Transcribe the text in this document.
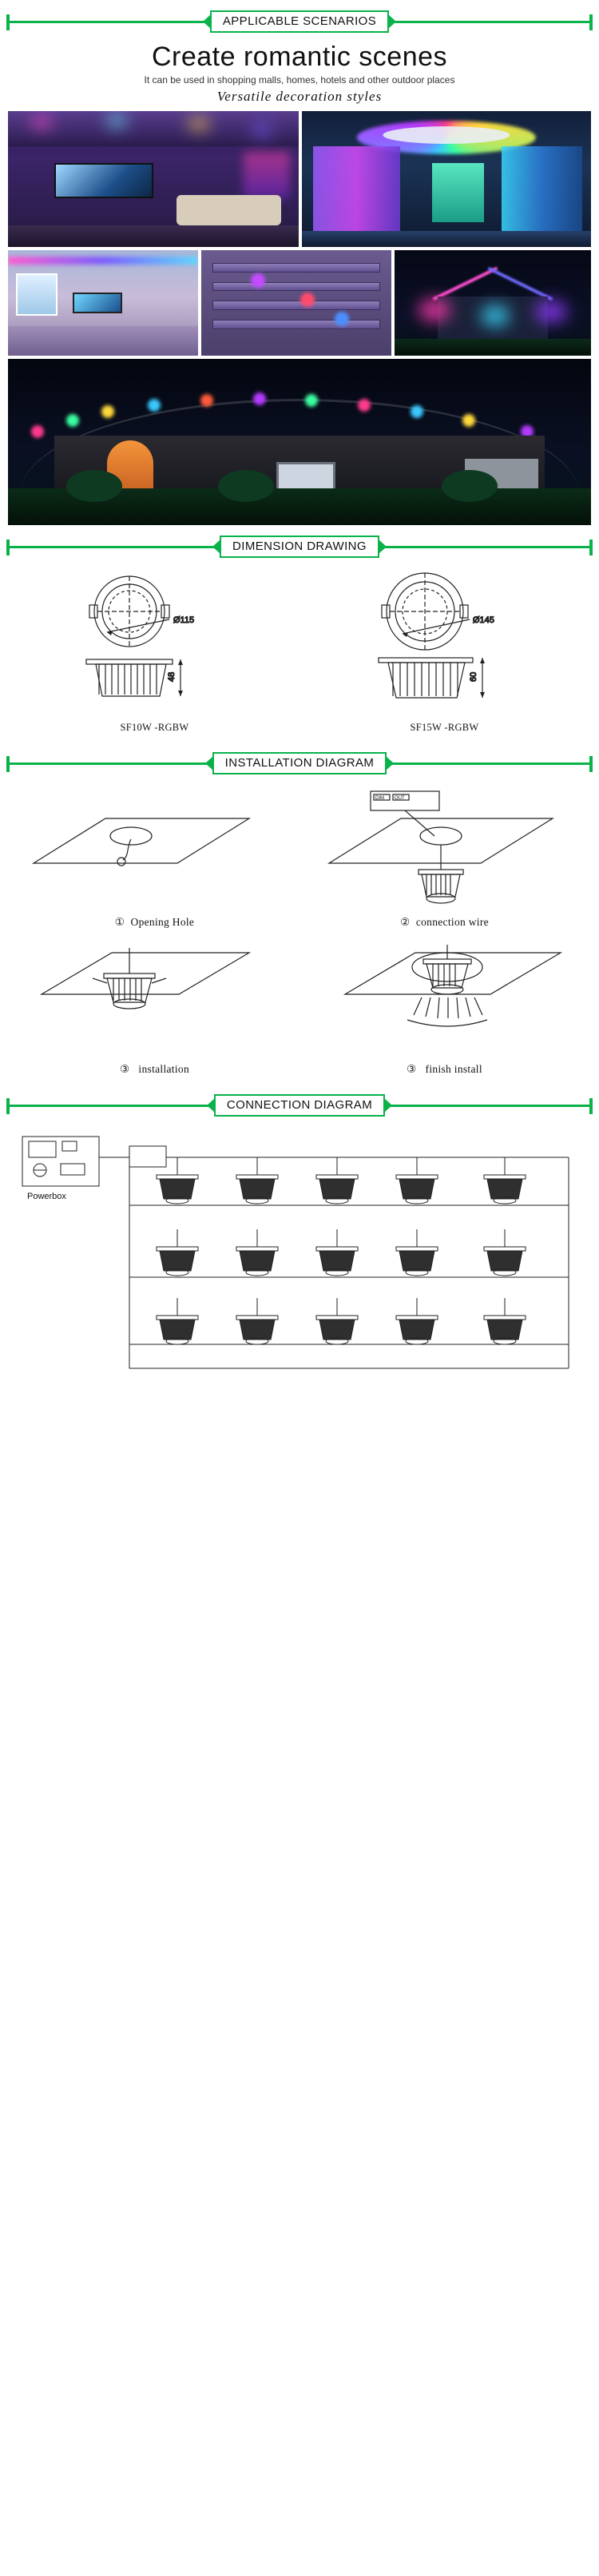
APPLICABLE SCENARIOS
Create romantic scenes
It can be used in shopping malls, homes, hotels and other outdoor places
Versatile decoration styles
DIMENSION DRAWING
Ø115
48
Ø145
60
SF10W -RGBW	SF15W -RGBW
INSTALLATION DIAGRAM
DIM OUT
① Opening Hole	② connection wire
③ installation	③ finish install
CONNECTION DIAGRAM
Powerbox
